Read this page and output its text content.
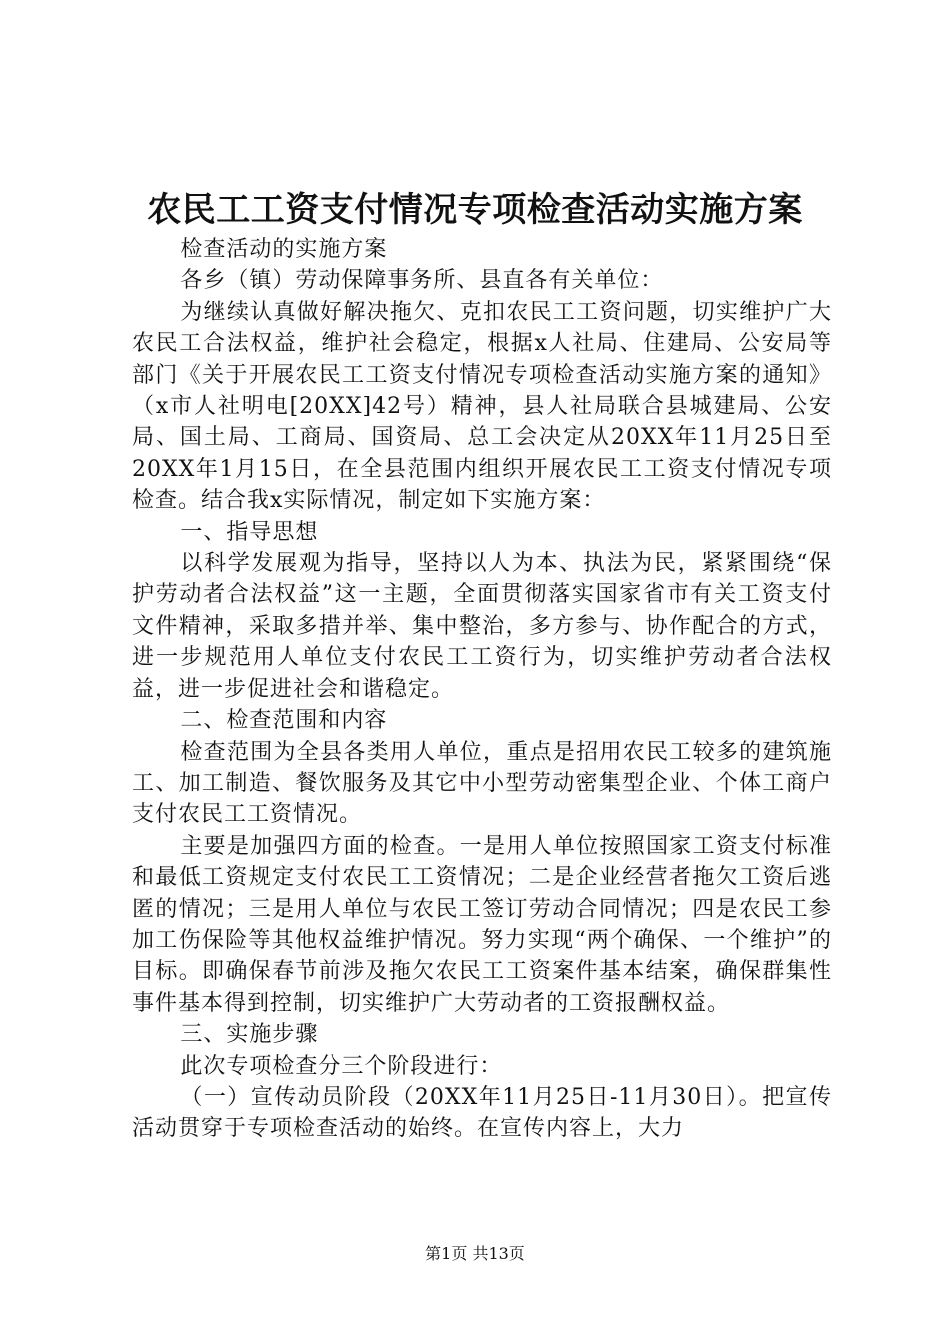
农民工工资支付情况专项检查活动实施方案

检查活动的实施方案

各乡（镇）劳动保障事务所、县直各有关单位：

为继续认真做好解决拖欠、克扣农民工工资问题，切实维护广大农民工合法权益，维护社会稳定，根据x人社局、住建局、公安局等部门《关于开展农民工工资支付情况专项检查活动实施方案的通知》（x市人社明电[20XX]42号）精神，县人社局联合县城建局、公安局、国土局、工商局、国资局、总工会决定从20XX年11月25日至20XX年1月15日，在全县范围内组织开展农民工工资支付情况专项检查。结合我x实际情况，制定如下实施方案：

一、指导思想

以科学发展观为指导，坚持以人为本、执法为民，紧紧围绕“保护劳动者合法权益”这一主题，全面贯彻落实国家省市有关工资支付文件精神，采取多措并举、集中整治，多方参与、协作配合的方式，进一步规范用人单位支付农民工工资行为，切实维护劳动者合法权益，进一步促进社会和谐稳定。

二、检查范围和内容

检查范围为全县各类用人单位，重点是招用农民工较多的建筑施工、加工制造、餐饮服务及其它中小型劳动密集型企业、个体工商户支付农民工工资情况。

主要是加强四方面的检查。一是用人单位按照国家工资支付标准和最低工资规定支付农民工工资情况；二是企业经营者拖欠工资后逃匿的情况；三是用人单位与农民工签订劳动合同情况；四是农民工参加工伤保险等其他权益维护情况。努力实现“两个确保、一个维护”的目标。即确保春节前涉及拖欠农民工工资案件基本结案，确保群集性事件基本得到控制，切实维护广大劳动者的工资报酬权益。

三、实施步骤

此次专项检查分三个阶段进行：

（一）宣传动员阶段（20XX年11月25日-11月30日）。把宣传活动贯穿于专项检查活动的始终。在宣传内容上，大力

第1页 共13页
